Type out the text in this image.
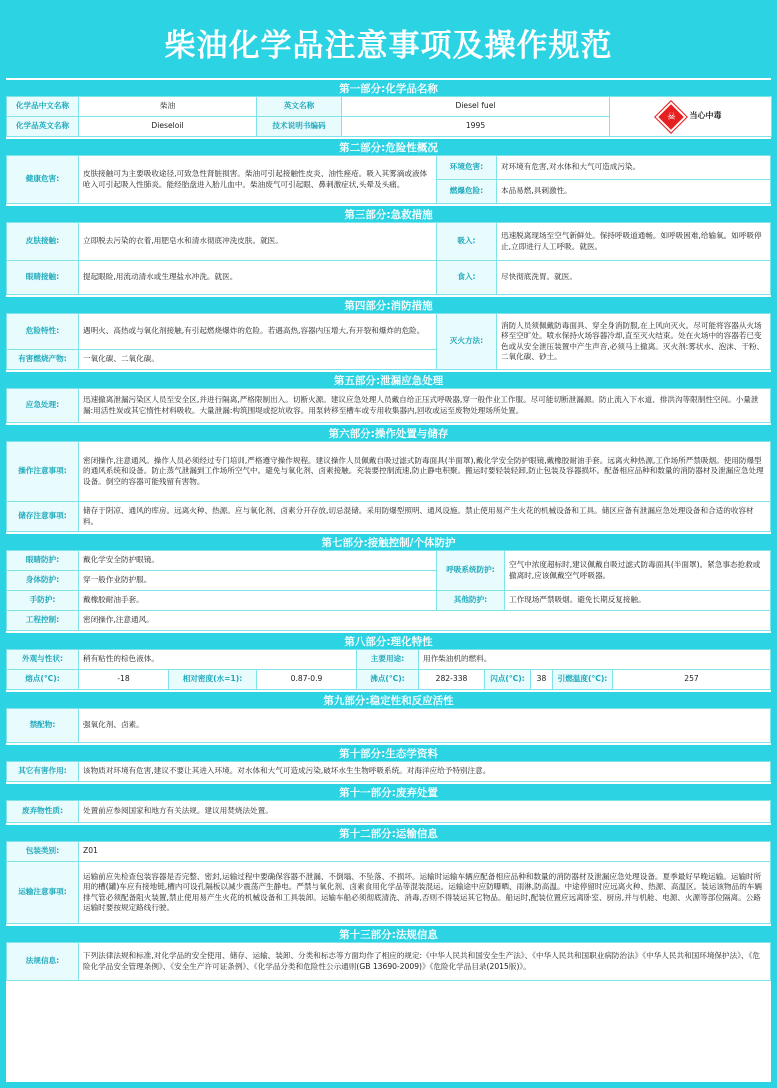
柴油化学品注意事项及操作规范
第一部分:化学品名称
化学品中文名称	柴油	英文名称	Diesel fuel	☠ 当心中毒

化学品英文名称	Dieseloil	技术说明书编码	1995	
第二部分:危险性概况
健康危害:	皮肤接触可为主要吸收途径,可致急性肾脏损害。柴油可引起接触性皮炎、油性痤疮。吸入其雾滴或液体呛入可引起吸入性肺炎。能经胎盘进入胎儿血中。柴油废气可引起眼、鼻刺激症状,头晕及头痛。	环境危害:	对环境有危害,对水体和大气可造成污染。
		燃爆危险:	本品易燃,具刺激性。
第三部分:急救措施
皮肤接触:	立即脱去污染的衣着,用肥皂水和清水彻底冲洗皮肤。就医。	吸入:	迅速脱离现场至空气新鲜处。保持呼吸道通畅。如呼吸困难,给输氧。如呼吸停止,立即进行人工呼吸。就医。
眼睛接触:	提起眼睑,用流动清水或生理盐水冲洗。就医。	食入:	尽快彻底洗胃。就医。
第四部分:消防措施
危险特性:	遇明火、高热或与氧化剂接触,有引起燃烧爆炸的危险。若遇高热,容器内压增大,有开裂和爆炸的危险。	灭火方法:	消防人员须佩戴防毒面具、穿全身消防服,在上风向灭火。尽可能将容器从火场移至空旷处。喷水保持火场容器冷却,直至灭火结束。处在火场中的容器若已变色或从安全泄压装置中产生声音,必须马上撤离。灭火剂:雾状水、泡沫、干粉、二氧化碳、砂土。
有害燃烧产物:	一氧化碳、二氧化碳。		
第五部分:泄漏应急处理
应急处理:	迅速撤离泄漏污染区人员至安全区,并进行隔离,严格限制出入。切断火源。建议应急处理人员戴自给正压式呼吸器,穿一般作业工作服。尽可能切断泄漏源。防止流入下水道、排洪沟等限制性空间。小量泄漏:用活性炭或其它惰性材料吸收。大量泄漏:构筑围堤或挖坑收容。用泵转移至槽车或专用收集器内,回收或运至废物处理场所处置。
第六部分:操作处置与储存
操作注意事项:	密闭操作,注意通风。操作人员必须经过专门培训,严格遵守操作规程。建议操作人员佩戴自吸过滤式防毒面具(半面罩),戴化学安全防护眼镜,戴橡胶耐油手套。远离火种热源,工作场所严禁吸烟。使用防爆型的通风系统和设备。防止蒸气泄漏到工作场所空气中。避免与氧化剂、卤素接触。充装要控制流速,防止静电积聚。搬运时要轻装轻卸,防止包装及容器损坏。配备相应品种和数量的消防器材及泄漏应急处理设备。倒空的容器可能残留有害物。
储存注意事项:	储存于阴凉、通风的库房。远离火种、热源。应与氧化剂、卤素分开存放,切忌混储。采用防爆型照明、通风设施。禁止使用易产生火花的机械设备和工具。储区应备有泄漏应急处理设备和合适的收容材料。
第七部分:接触控制/个体防护
眼睛防护:	戴化学安全防护眼镜。	呼吸系统防护:	空气中浓度超标时,建议佩戴自吸过滤式防毒面具(半面罩)。紧急事态抢救或撤离时,应该佩戴空气呼吸器。
身体防护:	穿一般作业防护服。		
手防护:	戴橡胶耐油手套。	其他防护:	工作现场严禁吸烟。避免长期反复接触。
工程控制:	密闭操作,注意通风。		
第八部分:理化特性
外观与性状:	稍有粘性的棕色液体。			主要用途:	用作柴油机的燃料。				
熔点(°C):	-18	相对密度(水=1):	0.87-0.9	沸点(°C):	282-338	闪点(°C):	38	引燃温度(°C):	257
第九部分:稳定性和反应活性
禁配物:	强氧化剂、卤素。
第十部分:生态学资料
其它有害作用:	该物质对环境有危害,建议不要让其进入环境。对水体和大气可造成污染,破坏水生生物呼吸系统。对海洋应给予特别注意。
第十一部分:废弃处置
废弃物性质:	处置前应参阅国家和地方有关法规。建议用焚烧法处置。
第十二部分:运输信息
包装类别:	Z01
运输注意事项:	运输前应先检查包装容器是否完整、密封,运输过程中要确保容器不泄漏、不倒塌、不坠落、不损坏。运输时运输车辆应配备相应品种和数量的消防器材及泄漏应急处理设备。夏季最好早晚运输。运输时所用的槽(罐)车应有接地链,槽内可设孔隔板以减少震荡产生静电。严禁与氧化剂、卤素食用化学品等混装混运。运输途中应防曝晒、雨淋,防高温。中途停留时应远离火种、热源、高温区。装运该物品的车辆排气管必须配备阻火装置,禁止使用易产生火花的机械设备和工具装卸。运输车船必须彻底清洗、消毒,否则不得装运其它物品。船运时,配装位置应远离卧室、厨房,并与机舱、电源、火源等部位隔离。公路运输时要按规定路线行驶。
第十三部分:法规信息
法规信息:	下列法律法规和标准,对化学品的安全使用、储存、运输、装卸、分类和标志等方面均作了相应的规定:《中华人民共和国安全生产法》、《中华人民共和国职业病防治法》《中华人民共和国环境保护法》、《危险化学品安全管理条例》、《安全生产许可证条例》、《化学品分类和危险性公示通则(GB 13690-2009)》《危险化学品目录(2015版)》。
